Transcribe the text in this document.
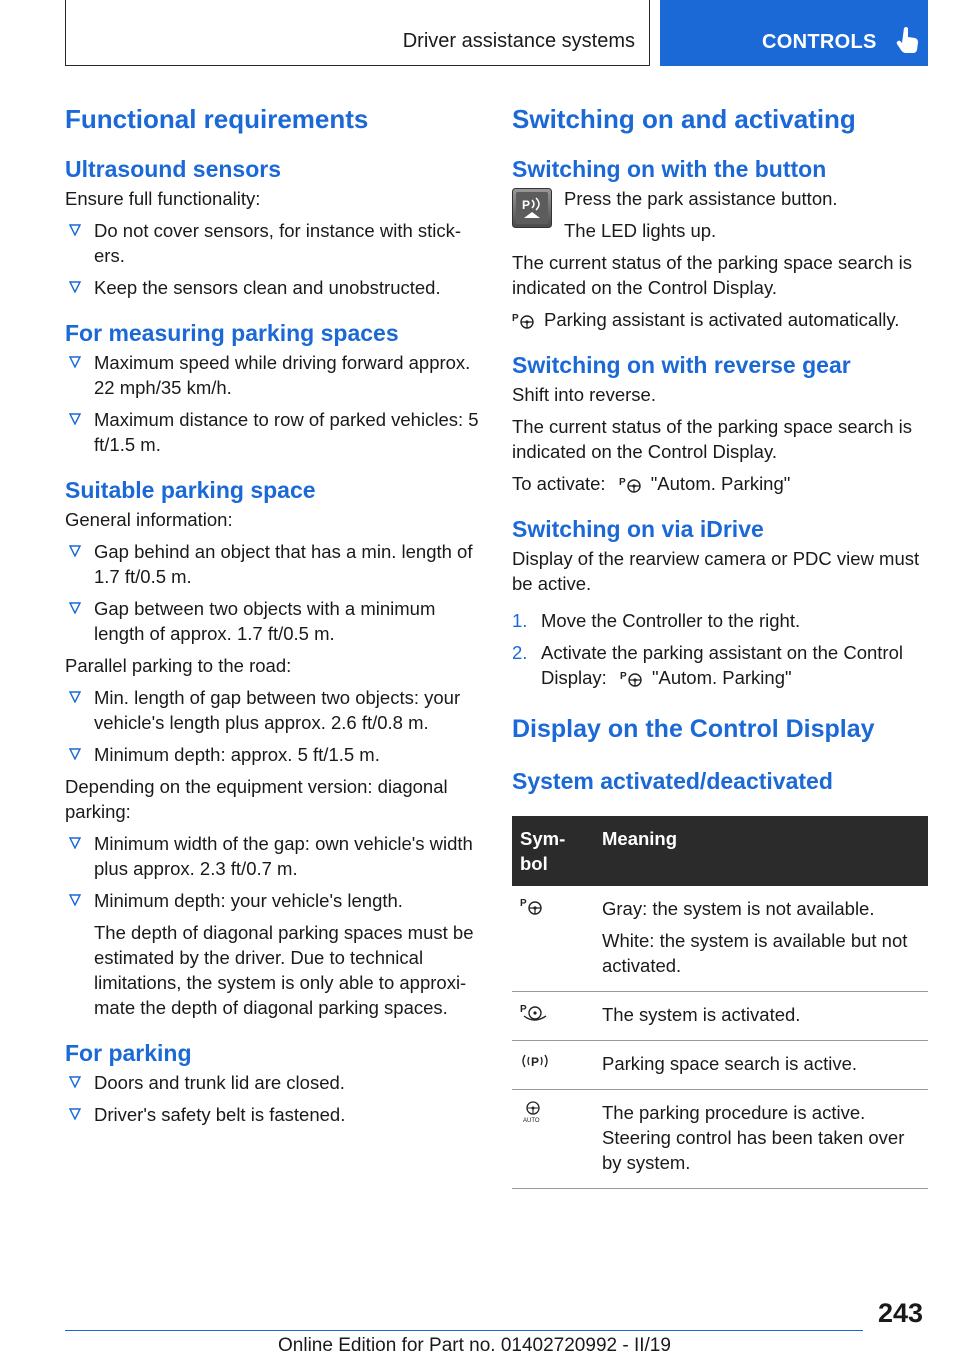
Driver assistance systems	CONTROLS
Functional requirements
Ultrasound sensors

Ensure full functionality:

Do not cover sensors, for instance with stick‐ers.
Keep the sensors clean and unobstructed.
For measuring parking spaces
Maximum speed while driving forward approx. 22 mph/35 km/h.
Maximum distance to row of parked vehicles: 5 ft/1.5 m.
Suitable parking space

General information:

Gap behind an object that has a min. length of 1.7 ft/0.5 m.
Gap between two objects with a minimum length of approx. 1.7 ft/0.5 m.

Parallel parking to the road:

Min. length of gap between two objects: your vehicle's length plus approx. 2.6 ft/0.8 m.
Minimum depth: approx. 5 ft/1.5 m.

Depending on the equipment version: diagonal parking:

Minimum width of the gap: own vehicle's width plus approx. 2.3 ft/0.7 m.
Minimum depth: your vehicle's length.
The depth of diagonal parking spaces must be estimated by the driver. Due to technical limitations, the system is only able to approxi‐mate the depth of diagonal parking spaces.
For parking
Doors and trunk lid are closed.
Driver's safety belt is fastened.
Switching on and activating
Switching on with the button
P Press the park assistance button.

The LED lights up.

The current status of the parking space search is indicated on the Control Display.

P Parking assistant is activated automatically.

Switching on with reverse gear

Shift into reverse.

The current status of the parking space search is indicated on the Control Display.

To activate: P "Autom. Parking"

Switching on via iDrive

Display of the rearview camera or PDC view must be active.

1. Move the Controller to the right.
2. Activate the parking assistant on the Control Display: P "Autom. Parking"
Display on the Control Display
System activated/deactivated
Sym‐ bol	Meaning

P	Gray: the system is not available.

White: the system is available but not activated.

P	The system is activated.

P	Parking space search is active.

AUTO	The parking procedure is active. Steering control has been taken over by system.

243
Online Edition for Part no. 01402720992 - II/19
